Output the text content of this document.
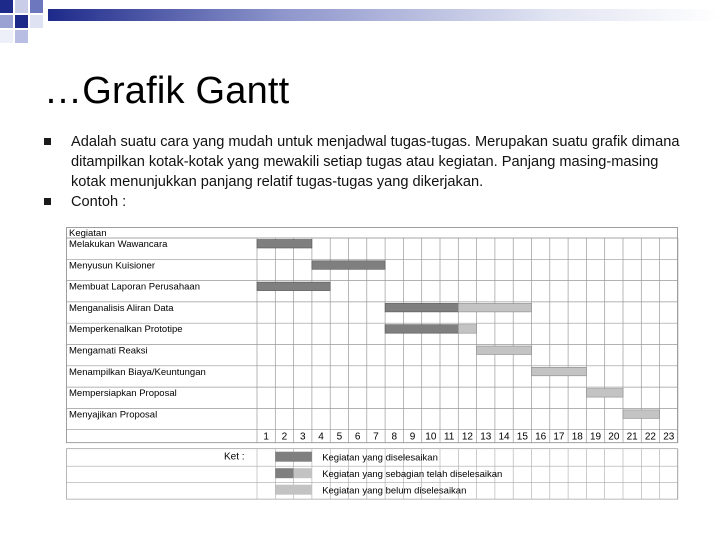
…Grafik Gantt
Adalah suatu cara yang mudah untuk menjadwal tugas-tugas. Merupakan suatu grafik dimana ditampilkan kotak-kotak yang mewakili setiap tugas atau kegiatan. Panjang masing-masing kotak menunjukkan panjang relatif tugas-tugas yang dikerjakan.
Contoh :
Kegiatan
Melakukan Wawancara
Menyusun Kuisioner
Membuat Laporan Perusahaan
Menganalisis Aliran Data
Memperkenalkan Prototipe
Mengamati Reaksi
Menampilkan Biaya/Keuntungan
Mempersiapkan Proposal
Menyajikan Proposal
1 2 3 4 5 6 7 8 9 10 11 12 13 14 15 16 17 18 19 20 21 22 23
Ket :	Kegiatan yang diselesaikan
Kegiatan yang sebagian telah diselesaikan
Kegiatan yang belum diselesaikan
